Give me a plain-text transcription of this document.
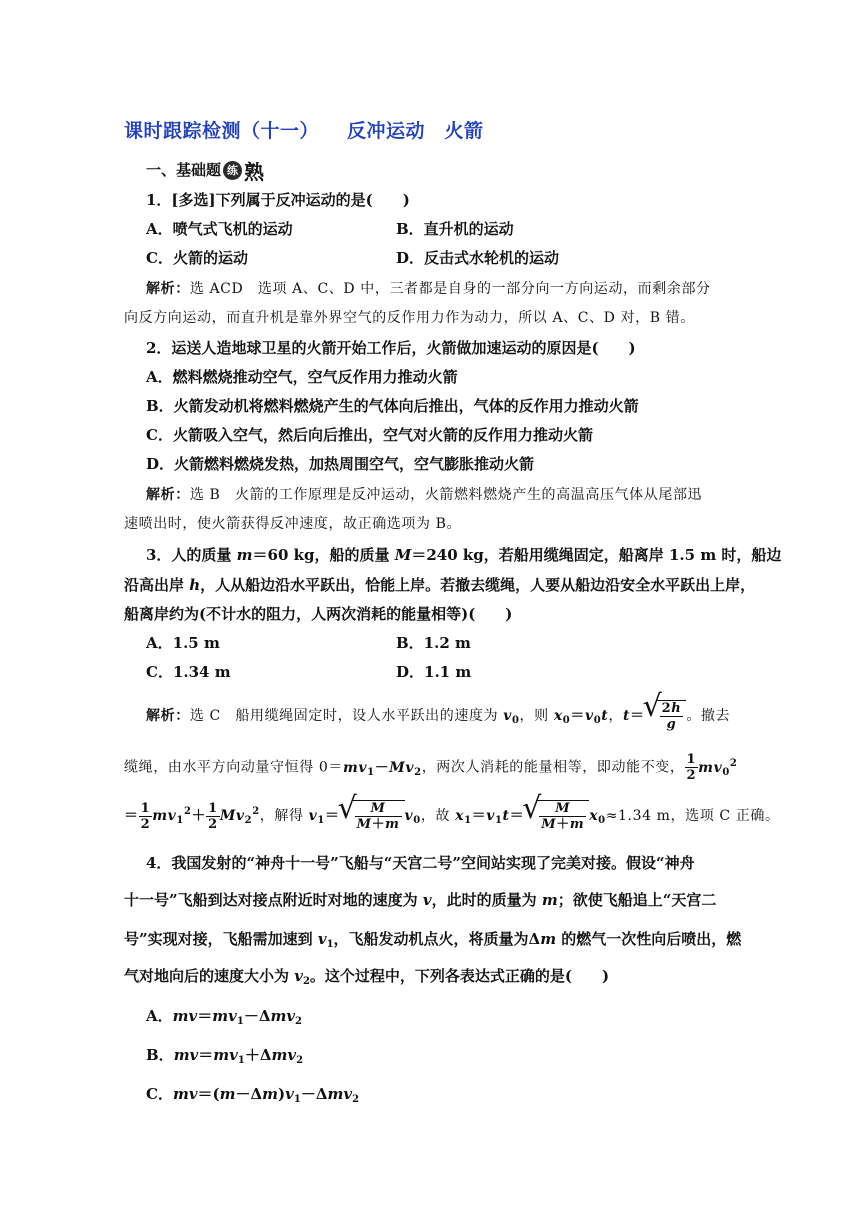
课时跟踪检测（十一） 反冲运动　火箭
一、基础题 练 熟
1．[多选]下列属于反冲运动的是(　　)
A．喷气式飞机的运动	B．直升机的运动
C．火箭的运动	D．反击式水轮机的运动
解析：选 ACD　选项 A、C、D 中，三者都是自身的一部分向一方向运动，而剩余部分
向反方向运动，而直升机是靠外界空气的反作用力作为动力，所以 A、C、D 对，B 错。
2．运送人造地球卫星的火箭开始工作后，火箭做加速运动的原因是(　　)
A．燃料燃烧推动空气，空气反作用力推动火箭
B．火箭发动机将燃料燃烧产生的气体向后推出，气体的反作用力推动火箭
C．火箭吸入空气，然后向后推出，空气对火箭的反作用力推动火箭
D．火箭燃料燃烧发热，加热周围空气，空气膨胀推动火箭
解析：选 B　火箭的工作原理是反冲运动，火箭燃料燃烧产生的高温高压气体从尾部迅
速喷出时，使火箭获得反冲速度，故正确选项为 B。
3．人的质量 m＝60 kg，船的质量 M＝240 kg，若船用缆绳固定，船离岸 1.5 m 时，船边
沿高出岸 h，人从船边沿水平跃出，恰能上岸。若撤去缆绳，人要从船边沿安全水平跃出上岸，
船离岸约为(不计水的阻力，人两次消耗的能量相等)(　　)
A．1.5 m	B．1.2 m
C．1.34 m	D．1.1 m
解析：选 C　船用缆绳固定时，设人水平跃出的速度为 $v_0$，则 $x_0=v_0t$，t＝ √ $\frac{2h}{g}$ 。撤去
缆绳，由水平方向动量守恒得 $0=mv_1-Mv_2$，两次人消耗的能量相等，即动能不变， $\frac{1}{2} mv_0^2$
＝ $\frac{1}{2} mv_1^2+ \frac{1}{2} Mv_2^2$，解得 $v_1=$ √ $\frac{M}{M+m} v_0$，故 $x_1=v_1t=$ √ $\frac{M}{M+m} x_0\approx 1.34$ m，选项 C 正确。
4．我国发射的“神舟十一号”飞船与“天宫二号”空间站实现了完美对接。假设“神舟
十一号”飞船到达对接点附近时对地的速度为 v，此时的质量为 m；欲使飞船追上“天宫二
号”实现对接，飞船需加速到 $v_1$，飞船发动机点火，将质量为Δm 的燃气一次性向后喷出，燃
气对地向后的速度大小为 $v_2$。这个过程中，下列各表达式正确的是(　　)
A．$mv=mv_1-\Delta mv_2$
B．$mv=mv_1+\Delta mv_2$
C．$mv=(m-\Delta m)v_1-\Delta mv_2$
